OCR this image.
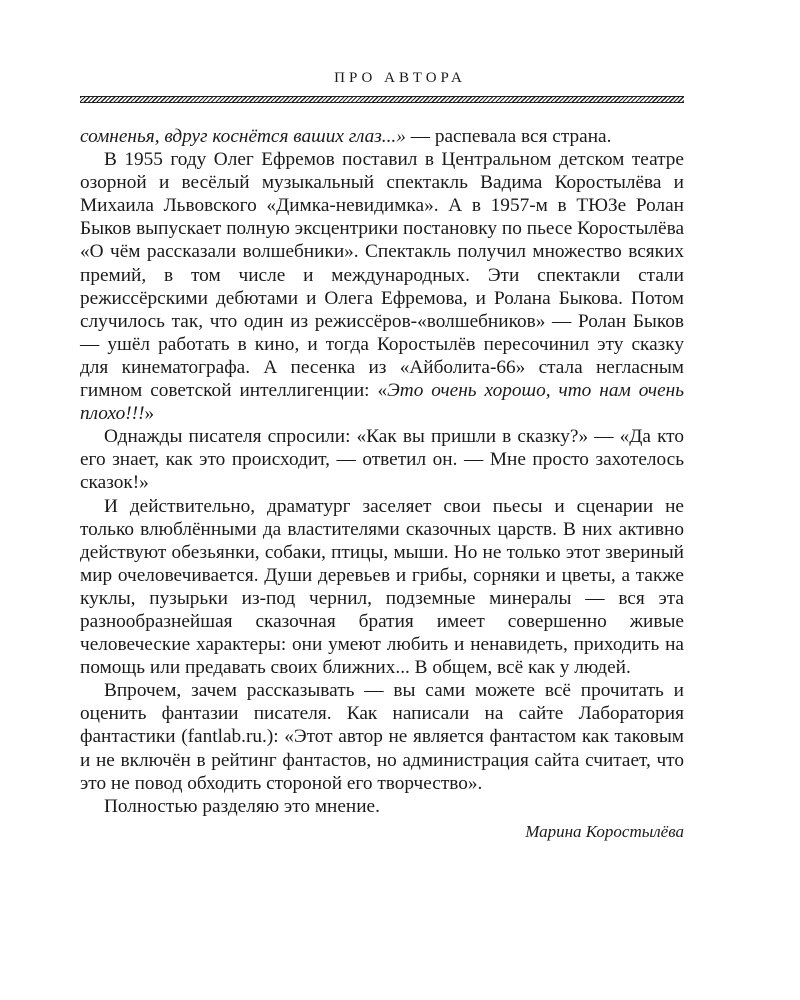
ПРО АВТОРА

сомненья, вдруг коснётся ваших глаз...» — распевала вся страна.

В 1955 году Олег Ефремов поставил в Центральном детском театре озорной и весёлый музыкальный спектакль Вадима Коростылёва и Михаила Львовского «Димка-невидимка». А в 1957-м в ТЮЗе Ролан Быков выпускает полную эксцентрики постановку по пьесе Коростылёва «О чём рассказали волшебники». Спектакль получил множество всяких премий, в том числе и международных. Эти спектакли стали режиссёрскими дебютами и Олега Ефремова, и Ролана Быкова. Потом случилось так, что один из режиссёров-«волшебников» — Ролан Быков — ушёл работать в кино, и тогда Коростылёв пересочинил эту сказку для кинематографа. А песенка из «Айболита-66» стала негласным гимном советской интеллигенции: «Это очень хорошо, что нам очень плохо!!!»

Однажды писателя спросили: «Как вы пришли в сказку?» — «Да кто его знает, как это происходит, — ответил он. — Мне просто захотелось сказок!»

И действительно, драматург заселяет свои пьесы и сценарии не только влюблёнными да властителями сказочных царств. В них активно действуют обезьянки, собаки, птицы, мыши. Но не только этот звериный мир очеловечивается. Души деревьев и грибы, сорняки и цветы, а также куклы, пузырьки из-под чернил, подземные минералы — вся эта разнообразнейшая сказочная братия имеет совершенно живые человеческие характеры: они умеют любить и ненавидеть, приходить на помощь или предавать своих ближних... В общем, всё как у людей.

Впрочем, зачем рассказывать — вы сами можете всё прочитать и оценить фантазии писателя. Как написали на сайте Лаборатория фантастики (fantlab.ru.): «Этот автор не является фантастом как таковым и не включён в рейтинг фантастов, но администрация сайта считает, что это не повод обходить стороной его творчество».

Полностью разделяю это мнение.

Марина Коростылёва
